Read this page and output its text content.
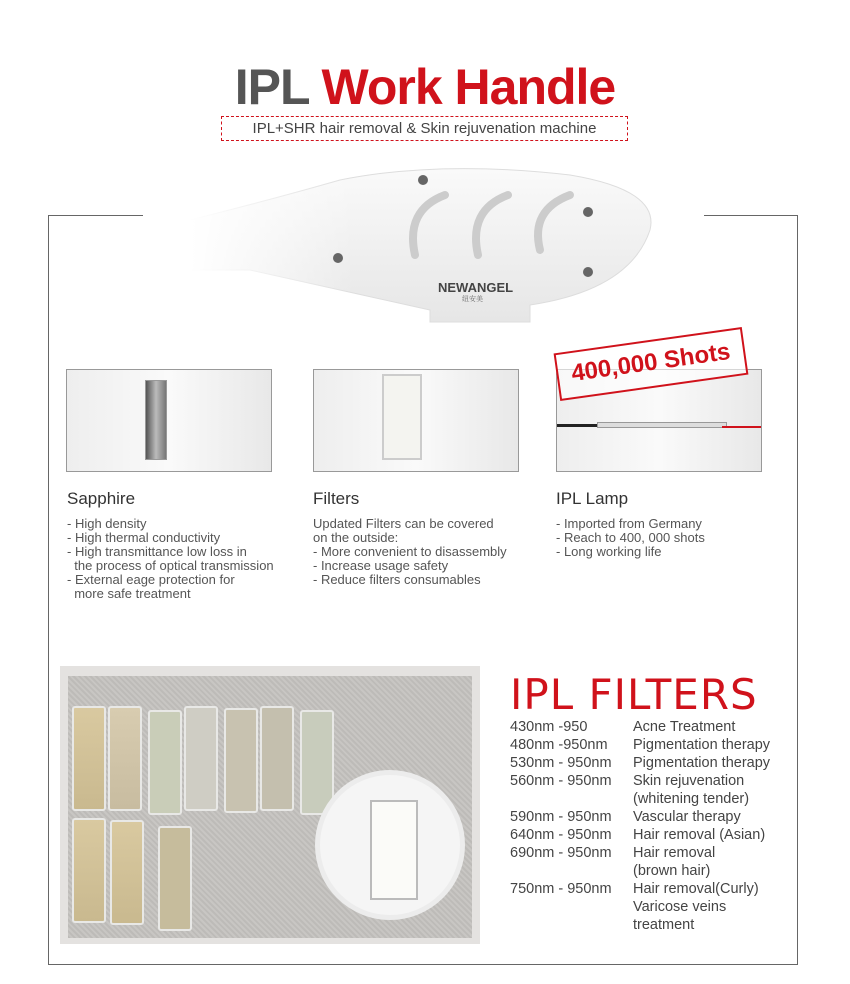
IPL Work Handle
IPL+SHR hair removal & Skin rejuvenation machine
NEWANGEL
纽安美
400,000 Shots
Sapphire
- High density
- High thermal conductivity
- High transmittance low loss in
the process of optical transmission
- External eage protection for
more safe treatment
Filters
Updated Filters can be covered
on the outside:
- More convenient to disassembly
- Increase usage safety
- Reduce filters consumables
IPL Lamp
- Imported from Germany
- Reach to 400, 000 shots
- Long working life
IPL FILTERS
430nm -950	Acne Treatment
480nm -950nm	Pigmentation therapy
530nm - 950nm	Pigmentation therapy
560nm - 950nm	Skin rejuvenation
(whitening tender)
590nm - 950nm	Vascular therapy
640nm - 950nm	Hair removal (Asian)
690nm - 950nm	Hair removal
(brown hair)
750nm - 950nm	Hair removal(Curly)
Varicose veins
treatment
